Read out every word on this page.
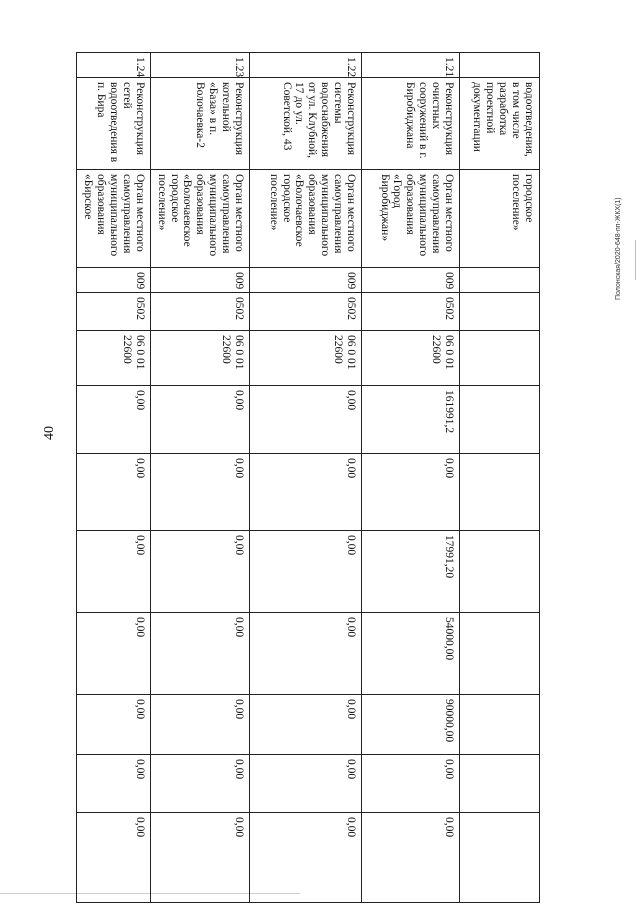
40
Полонская/2020-648-пп-ЖКХ(1)
	водоотведения, в том числе разработка проектной документации	городское поселение»										
1.21	Реконструкция очистных сооружений в г. Биробиджана	Орган местного самоуправления муниципального образования «Город Биробиджан»	009	0502	06 0 01 22600	161991,2	0,00	17991,20	54000,00	90000,00	0,00	0,00
1.22	Реконструкция системы водоснабжения от ул. Клубной, 17 до ул. Советской, 43	Орган местного самоуправления муниципального образования «Волочаевское городское поселение»	009	0502	06 0 01 22600	0,00	0,00	0,00	0,00	0,00	0,00	0,00
1.23	Реконструкция котельной «База» в п. Волочаевка-2	Орган местного самоуправления муниципального образования «Волочаевское городское поселение»	009	0502	06 0 01 22600	0,00	0,00	0,00	0,00	0,00	0,00	0,00
1.24	Реконструкция сетей водоотведения в п. Бира	Орган местного самоуправления муниципального образования «Бирское	009	0502	06 0 01 22600	0,00	0,00	0,00	0,00	0,00	0,00	0,00
